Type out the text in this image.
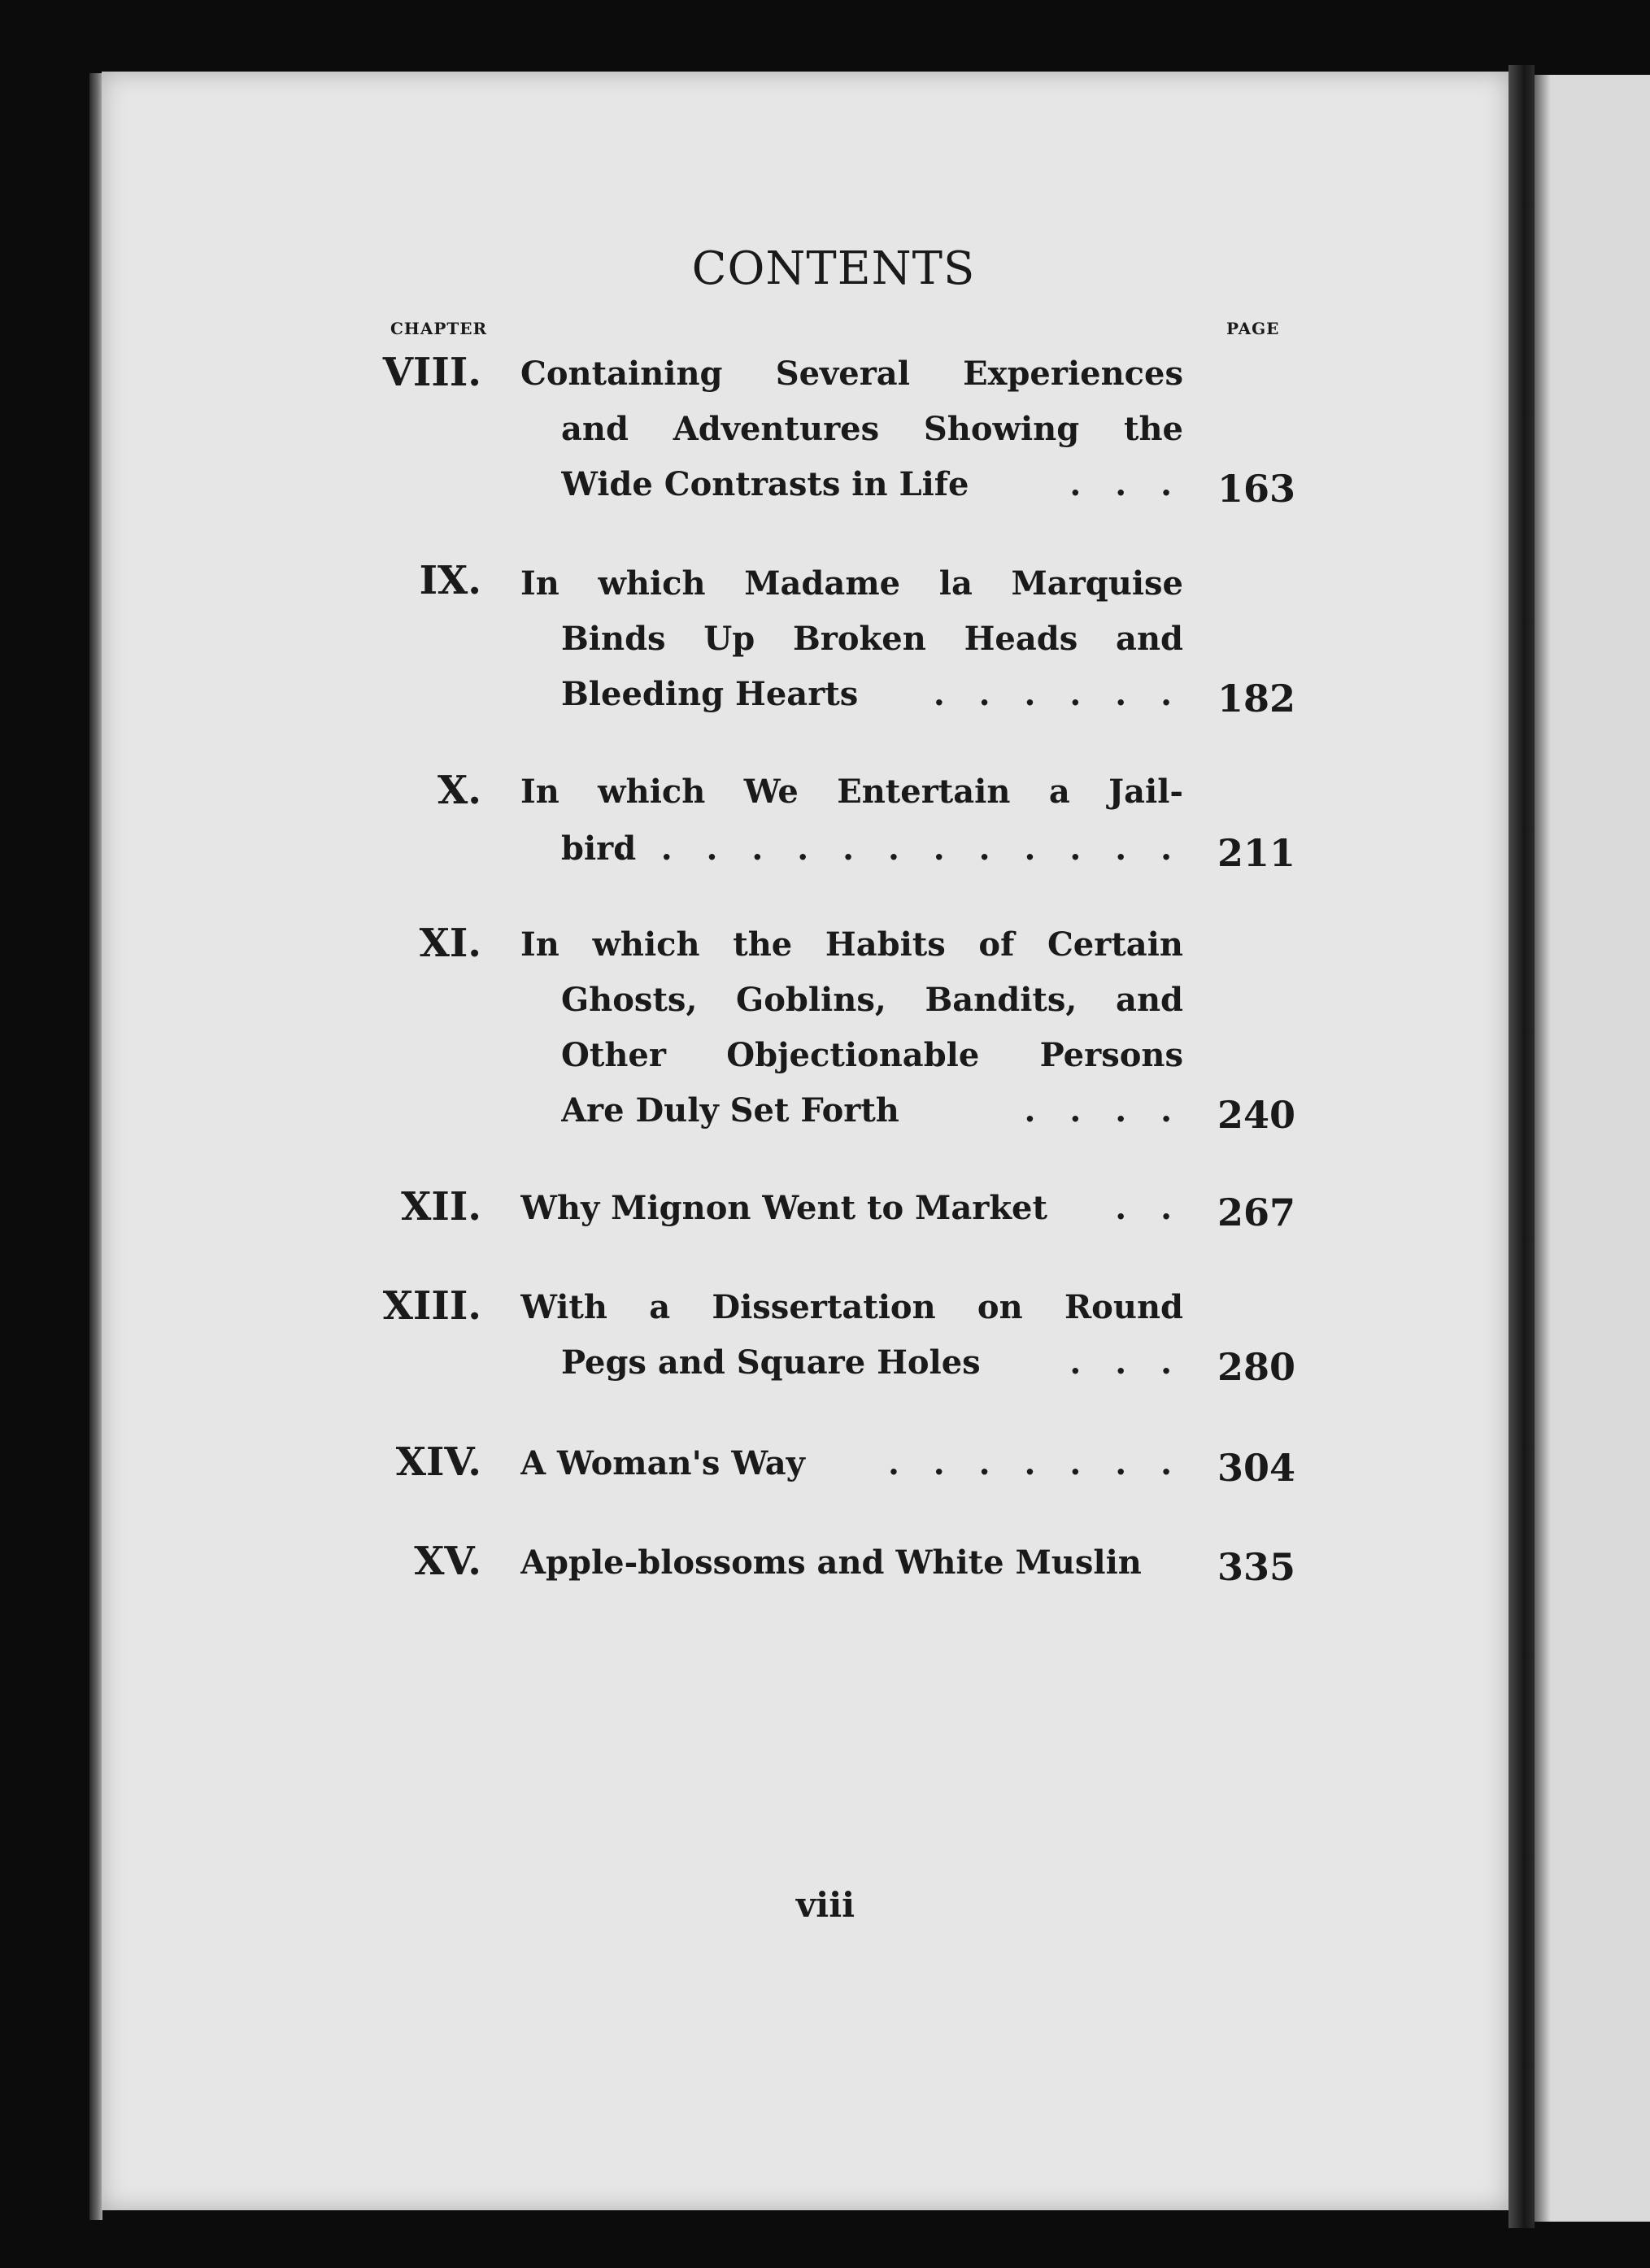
CONTENTS
CHAPTER	PAGE
VIII. Containing Several Experiences
and Adventures Showing the
Wide Contrasts in Life	. . . 163
IX. In which Madame la Marquise
Binds Up Broken Heads and
Bleeding Hearts	. . . . . . 182
X. In which We Entertain a Jail-
bird
. . . . . . . . . . . . . 211
XI. In which the Habits of Certain
Ghosts, Goblins, Bandits, and
Other Objectionable Persons
Are Duly Set Forth	. . . . 240
XII. Why Mignon Went to Market	. . 267
XIII. With a Dissertation on Round
Pegs and Square Holes	. . . 280
XIV. A Woman's Way	. . . . . . . 304
XV. Apple-blossoms and White Muslin	335
viii
